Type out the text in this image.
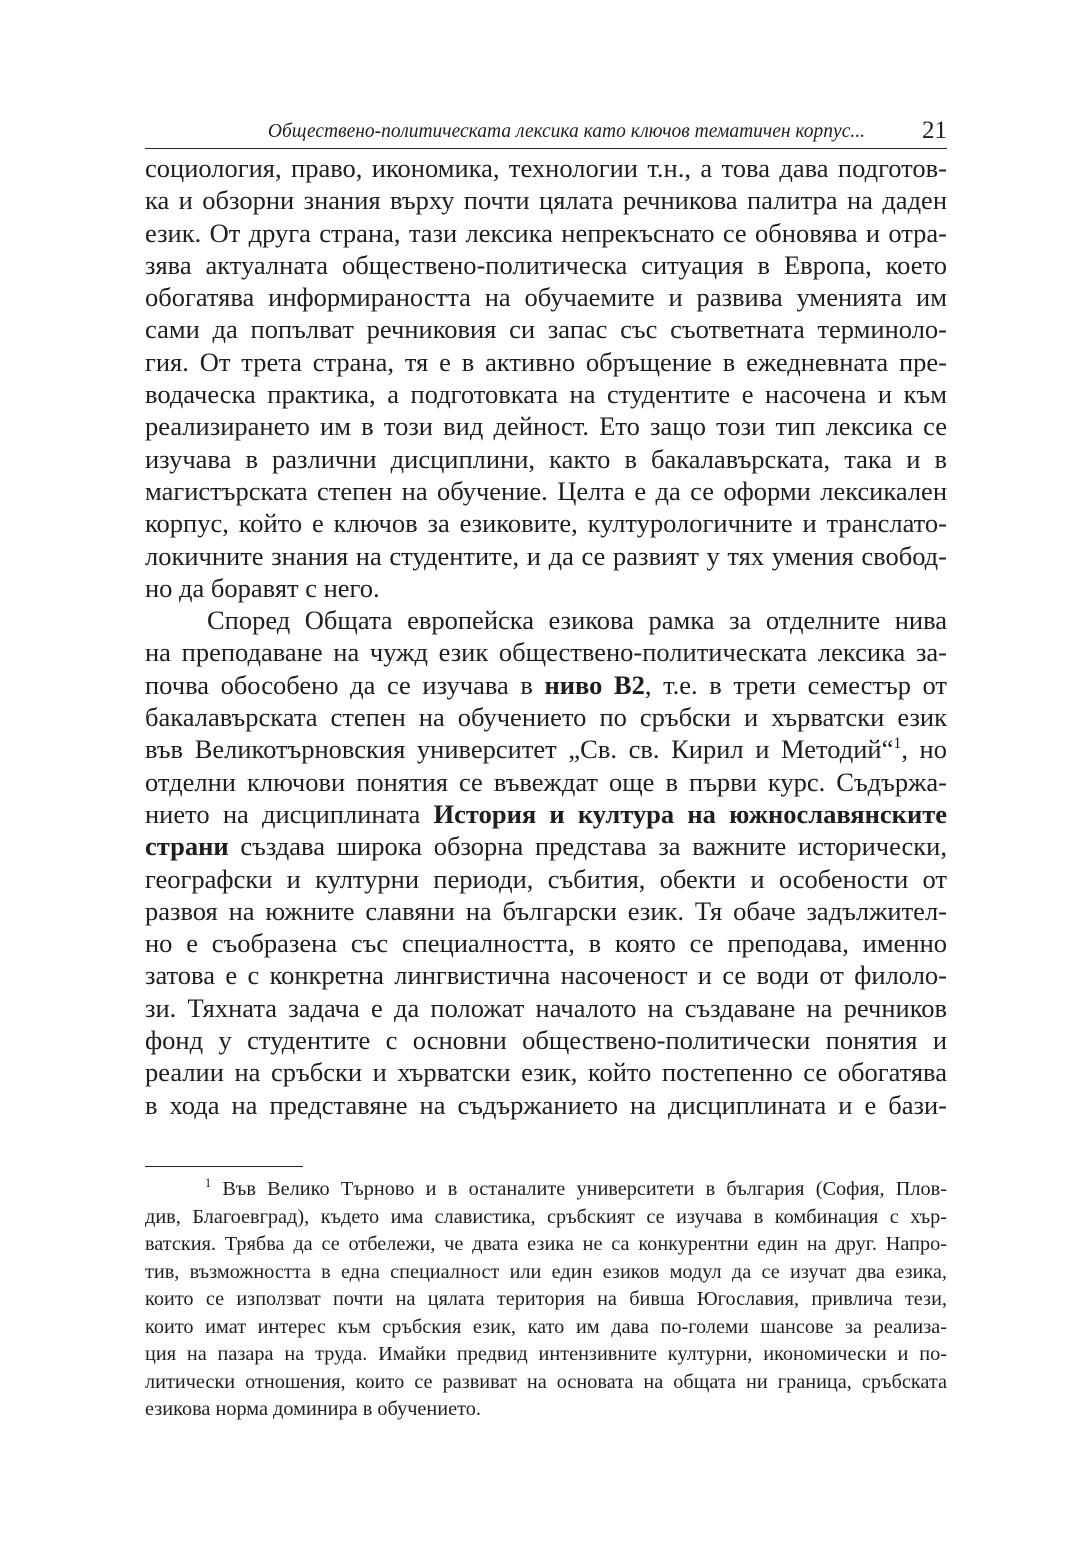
Обществено-политическата лексика като ключов тематичен корпус... 21
социология, право, икономика, технологии т.н., а това дава подготов-
ка и обзорни знания върху почти цялата речникова палитра на даден
език. От друга страна, тази лексика непрекъснато се обновява и отра-
зява актуалната обществено-политическа ситуация в Европа, което
обогатява информираността на обучаемите и развива уменията им
сами да попълват речниковия си запас със съответната терминоло-
гия. От трета страна, тя е в активно обръщение в ежедневната пре-
водаческа практика, а подготовката на студентите е насочена и към
реализирането им в този вид дейност. Ето защо този тип лексика се
изучава в различни дисциплини, както в бакалавърската, така и в
магистърската степен на обучение. Целта е да се оформи лексикален
корпус, който е ключов за езиковите, културологичните и транслато-
локичните знания на студентите, и да се развият у тях умения свобод-
но да боравят с него.
Според Общата европейска езикова рамка за отделните нива
на преподаване на чужд език обществено-политическата лексика за-
почва обособено да се изучава в ниво В2, т.е. в трети семестър от
бакалавърската степен на обучението по сръбски и хърватски език
във Великотърновския университет „Св. св. Кирил и Методий“$^1$, но
отделни ключови понятия се въвеждат още в първи курс. Съдържа-
нието на дисциплината История и култура на южнославянските
страни създава широка обзорна представа за важните исторически,
географски и културни периоди, събития, обекти и особености от
развоя на южните славяни на български език. Тя обаче задължител-
но е съобразена със специалността, в която се преподава, именно
затова е с конкретна лингвистична насоченост и се води от филоло-
зи. Тяхната задача е да положат началото на създаване на речников
фонд у студентите с основни обществено-политически понятия и
реалии на сръбски и хърватски език, който постепенно се обогатява
в хода на представяне на съдържанието на дисциплината и е бази-
$^1$ Във Велико Търново и в останалите университети в българия (София, Плов-
див, Благоевград), където има славистика, сръбският се изучава в комбинация с хър-
ватския. Трябва да се отбележи, че двата езика не са конкурентни един на друг. Напро-
тив, възможността в една специалност или един езиков модул да се изучат два езика,
които се използват почти на цялата територия на бивша Югославия, привлича тези,
които имат интерес към сръбския език, като им дава по-големи шансове за реализа-
ция на пазара на труда. Имайки предвид интензивните културни, икономически и по-
литически отношения, които се развиват на основата на общата ни граница, сръбската
езикова норма доминира в обучението.
